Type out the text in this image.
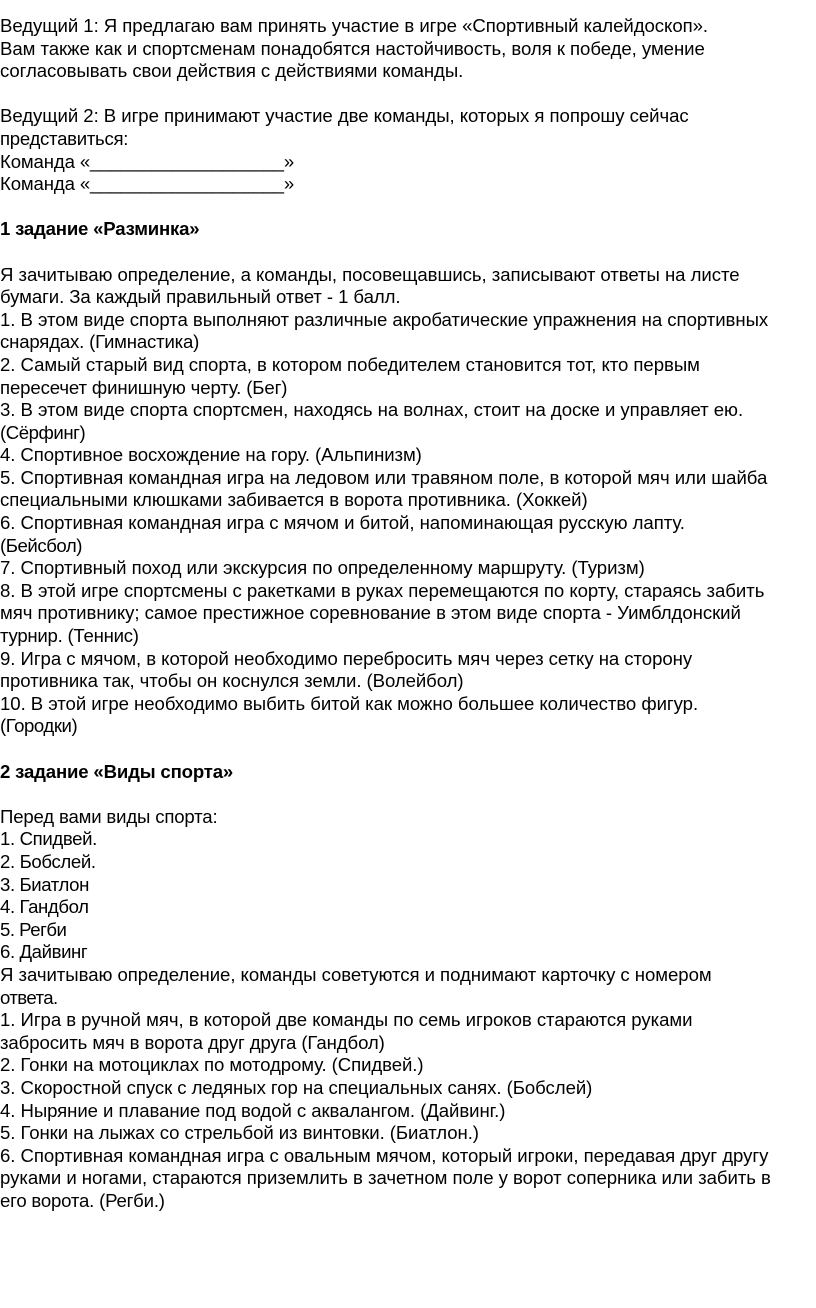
Ведущий 1: Я предлагаю вам принять участие в игре «Спортивный калейдоскоп».
Вам также как и спортсменам понадобятся настойчивость, воля к победе, умение
согласовывать свои действия с действиями команды.
Ведущий 2: В игре принимают участие две команды, которых я попрошу сейчас
представиться:
Команда «___________________»
Команда «___________________»
1 задание «Разминка»
Я зачитываю определение, а команды, посовещавшись, записывают ответы на листе
бумаги. За каждый правильный ответ - 1 балл.
1. В этом виде спорта выполняют различные акробатические упражнения на спортивных
снарядах. (Гимнастика)
2. Самый старый вид спорта, в котором победителем становится тот, кто первым
пересечет финишную черту. (Бег)
3. В этом виде спорта спортсмен, находясь на волнах, стоит на доске и управляет ею.
(Сёрфинг)
4. Спортивное восхождение на гору. (Альпинизм)
5. Спортивная командная игра на ледовом или травяном поле, в которой мяч или шайба
специальными клюшками забивается в ворота противника. (Хоккей)
6. Спортивная командная игра с мячом и битой, напоминающая русскую лапту.
(Бейсбол)
7. Спортивный поход или экскурсия по определенному маршруту. (Туризм)
8. В этой игре спортсмены с ракетками в руках перемещаются по корту, стараясь забить
мяч противнику; самое престижное соревнование в этом виде спорта - Уимблдонский
турнир. (Теннис)
9. Игра с мячом, в которой необходимо перебросить мяч через сетку на сторону
противника так, чтобы он коснулся земли. (Волейбол)
10. В этой игре необходимо выбить битой как можно большее количество фигур.
(Городки)
2 задание «Виды спорта»
Перед вами виды спорта:
1. Спидвей.
2. Бобслей.
3. Биатлон
4. Гандбол
5. Регби
6. Дайвинг
Я зачитываю определение, команды советуются и поднимают карточку с номером
ответа.
1. Игра в ручной мяч, в которой две команды по семь игроков стараются руками
забросить мяч в ворота друг друга (Гандбол)
2. Гонки на мотоциклах по мотодрому. (Спидвей.)
3. Скоростной спуск с ледяных гор на специальных санях. (Бобслей)
4. Ныряние и плавание под водой с аквалангом. (Дайвинг.)
5. Гонки на лыжах со стрельбой из винтовки. (Биатлон.)
6. Спортивная командная игра с овальным мячом, который игроки, передавая друг другу
руками и ногами, стараются приземлить в зачетном поле у ворот соперника или забить в
его ворота. (Регби.)
